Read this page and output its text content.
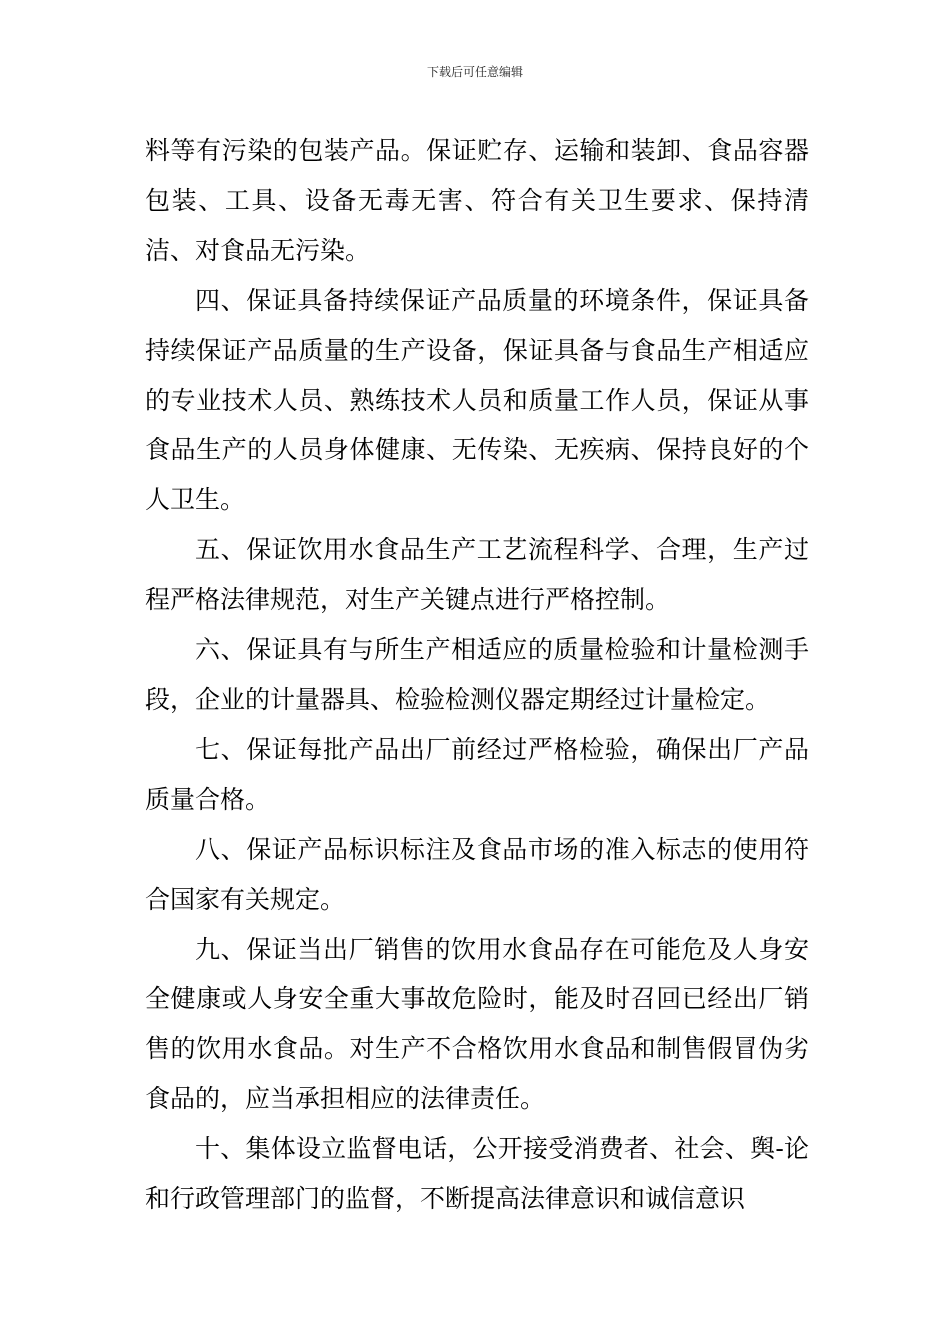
下载后可任意编辑

料等有污染的包装产品。保证贮存、运输和装卸、食品容器包装、工具、设备无毒无害、符合有关卫生要求、保持清洁、对食品无污染。

四、保证具备持续保证产品质量的环境条件，保证具备持续保证产品质量的生产设备，保证具备与食品生产相适应的专业技术人员、熟练技术人员和质量工作人员，保证从事食品生产的人员身体健康、无传染、无疾病、保持良好的个人卫生。

五、保证饮用水食品生产工艺流程科学、合理，生产过程严格法律规范，对生产关键点进行严格控制。

六、保证具有与所生产相适应的质量检验和计量检测手段，企业的计量器具、检验检测仪器定期经过计量检定。

七、保证每批产品出厂前经过严格检验，确保出厂产品质量合格。

八、保证产品标识标注及食品市场的准入标志的使用符合国家有关规定。

九、保证当出厂销售的饮用水食品存在可能危及人身安全健康或人身安全重大事故危险时，能及时召回已经出厂销售的饮用水食品。对生产不合格饮用水食品和制售假冒伪劣食品的，应当承担相应的法律责任。

十、集体设立监督电话，公开接受消费者、社会、舆-论和行政管理部门的监督，不断提高法律意识和诚信意识
